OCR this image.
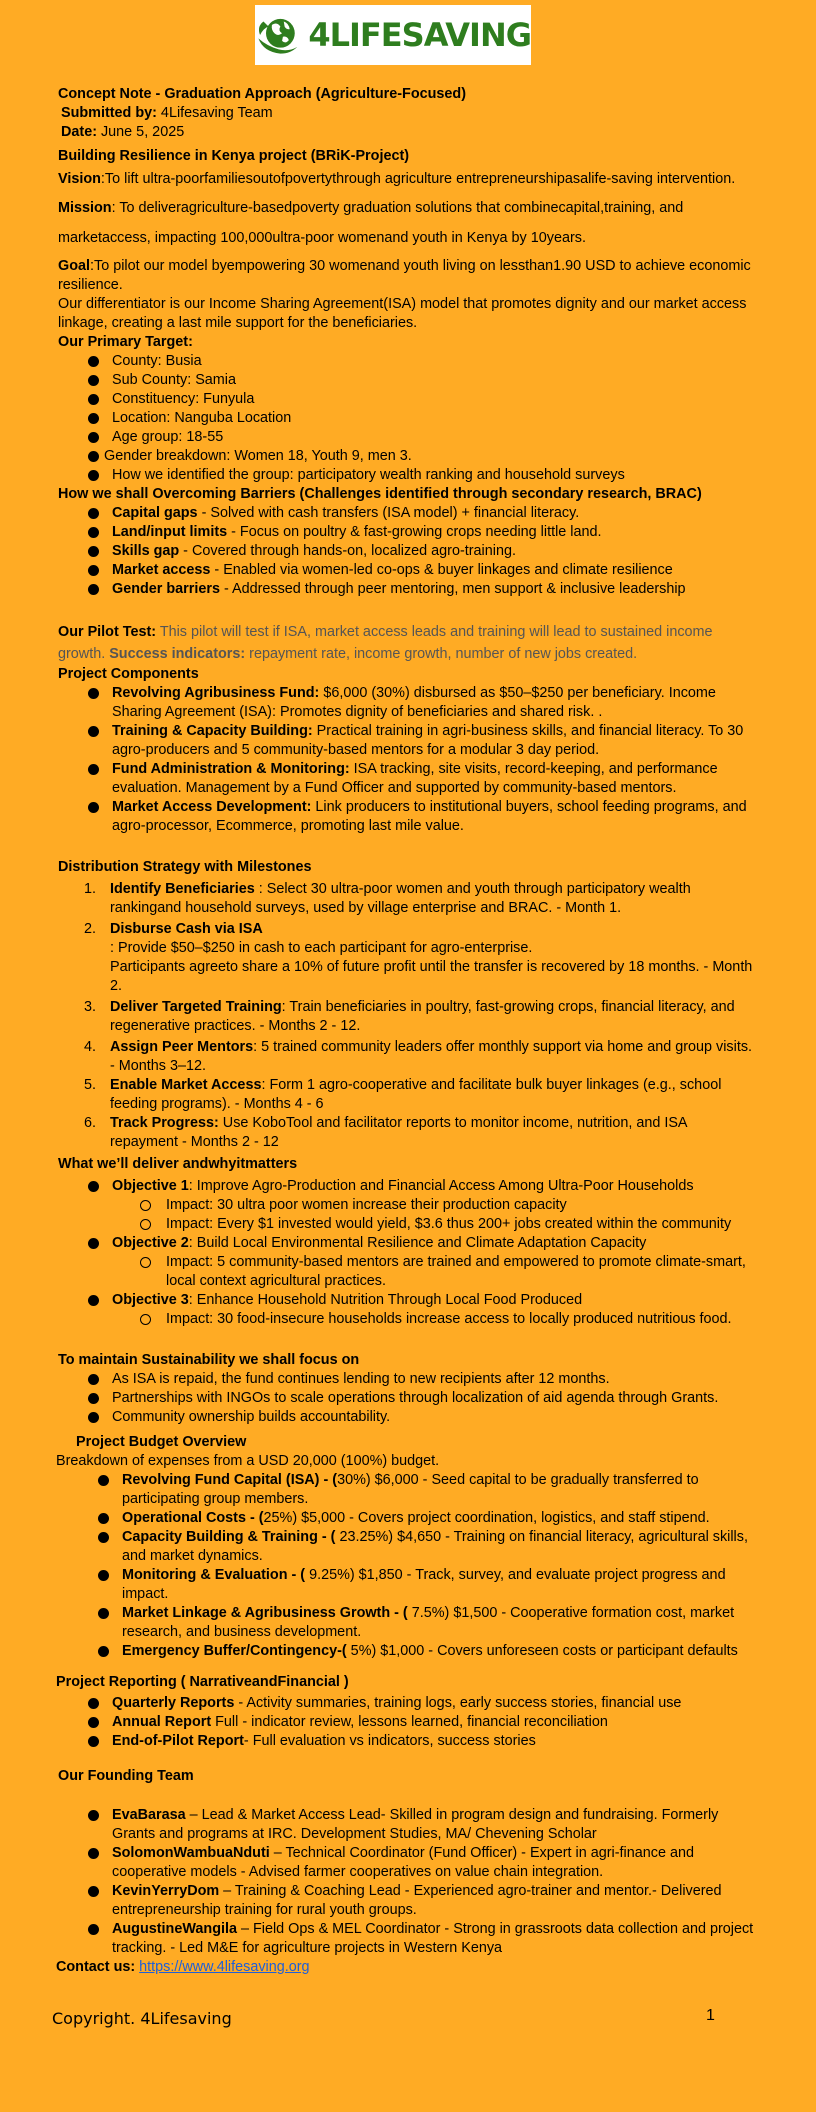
4LIFESAVING

Concept Note - Graduation Approach (Agriculture-Focused)

Submitted by: 4Lifesaving Team

Date: June 5, 2025

Building Resilience in Kenya project (BRiK-Project)

Vision:To lift ultra-poorfamiliesoutofpovertythrough agriculture entrepreneurshipasalife-saving intervention.

Mission: To deliveragriculture-basedpoverty graduation solutions that combinecapital,training, and marketaccess, impacting 100,000ultra-poor womenand youth in Kenya by 10years.

Goal:To pilot our model byempowering 30 womenand youth living on lessthan1.90 USD to achieve economic resilience.

Our differentiator is our Income Sharing Agreement(ISA) model that promotes dignity and our market access linkage, creating a last mile support for the beneficiaries.

Our Primary Target:

County: Busia
Sub County: Samia
Constituency: Funyula
Location: Nanguba Location
Age group: 18-55
Gender breakdown: Women 18, Youth 9, men 3.
How we identified the group: participatory wealth ranking and household surveys

How we shall Overcoming Barriers (Challenges identified through secondary research, BRAC)

Capital gaps - Solved with cash transfers (ISA model) + financial literacy.
Land/input limits - Focus on poultry & fast-growing crops needing little land.
Skills gap - Covered through hands-on, localized agro-training.
Market access - Enabled via women-led co-ops & buyer linkages and climate resilience
Gender barriers - Addressed through peer mentoring, men support & inclusive leadership

Our Pilot Test: This pilot will test if ISA, market access leads and training will lead to sustained income growth. Success indicators: repayment rate, income growth, number of new jobs created.

Project Components

Revolving Agribusiness Fund: $6,000 (30%) disbursed as $50–$250 per beneficiary. Income Sharing Agreement (ISA): Promotes dignity of beneficiaries and shared risk. .
Training & Capacity Building: Practical training in agri-business skills, and financial literacy. To 30 agro-producers and 5 community-based mentors for a modular 3 day period.
Fund Administration & Monitoring: ISA tracking, site visits, record-keeping, and performance evaluation. Management by a Fund Officer and supported by community-based mentors.
Market Access Development: Link producers to institutional buyers, school feeding programs, and agro-processor, Ecommerce, promoting last mile value.

Distribution Strategy with Milestones

1. Identify Beneficiaries : Select 30 ultra-poor women and youth through participatory wealth rankingand household surveys, used by village enterprise and BRAC. - Month 1.
2. Disburse Cash via ISA
: Provide $50–$250 in cash to each participant for agro-enterprise.
Participants agreeto share a 10% of future profit until the transfer is recovered by 18 months. - Month 2.
3. Deliver Targeted Training: Train beneficiaries in poultry, fast-growing crops, financial literacy, and regenerative practices. - Months 2 - 12.
4. Assign Peer Mentors: 5 trained community leaders offer monthly support via home and group visits. - Months 3–12.
5. Enable Market Access: Form 1 agro-cooperative and facilitate bulk buyer linkages (e.g., school feeding programs). - Months 4 - 6
6. Track Progress: Use KoboTool and facilitator reports to monitor income, nutrition, and ISA repayment - Months 2 - 12

What we’ll deliver andwhyitmatters

Objective 1: Improve Agro-Production and Financial Access Among Ultra-Poor Households
Impact: 30 ultra poor women increase their production capacity
Impact: Every $1 invested would yield, $3.6 thus 200+ jobs created within the community
Objective 2: Build Local Environmental Resilience and Climate Adaptation Capacity
Impact: 5 community-based mentors are trained and empowered to promote climate-smart, local context agricultural practices.
Objective 3: Enhance Household Nutrition Through Local Food Produced
Impact: 30 food-insecure households increase access to locally produced nutritious food.

To maintain Sustainability we shall focus on

As ISA is repaid, the fund continues lending to new recipients after 12 months.
Partnerships with INGOs to scale operations through localization of aid agenda through Grants.
Community ownership builds accountability.

Project Budget Overview

Breakdown of expenses from a USD 20,000 (100%) budget.

Revolving Fund Capital (ISA) - (30%) $6,000 - Seed capital to be gradually transferred to participating group members.
Operational Costs - (25%) $5,000 - Covers project coordination, logistics, and staff stipend.
Capacity Building & Training - ( 23.25%) $4,650 - Training on financial literacy, agricultural skills, and market dynamics.
Monitoring & Evaluation - ( 9.25%) $1,850 - Track, survey, and evaluate project progress and impact.
Market Linkage & Agribusiness Growth - ( 7.5%) $1,500 - Cooperative formation cost, market research, and business development.
Emergency Buffer/Contingency-( 5%) $1,000 - Covers unforeseen costs or participant defaults

Project Reporting ( NarrativeandFinancial )

Quarterly Reports - Activity summaries, training logs, early success stories, financial use
Annual Report Full - indicator review, lessons learned, financial reconciliation
End-of-Pilot Report- Full evaluation vs indicators, success stories

Our Founding Team

EvaBarasa – Lead & Market Access Lead- Skilled in program design and fundraising. Formerly Grants and programs at IRC. Development Studies, MA/ Chevening Scholar
SolomonWambuaNduti – Technical Coordinator (Fund Officer) - Expert in agri-finance and cooperative models - Advised farmer cooperatives on value chain integration.
KevinYerryDom – Training & Coaching Lead - Experienced agro-trainer and mentor.- Delivered entrepreneurship training for rural youth groups.
AugustineWangila – Field Ops & MEL Coordinator - Strong in grassroots data collection and project tracking. - Led M&E for agriculture projects in Western Kenya

Contact us: https://www.4lifesaving.org

Copyright. 4Lifesaving	1
